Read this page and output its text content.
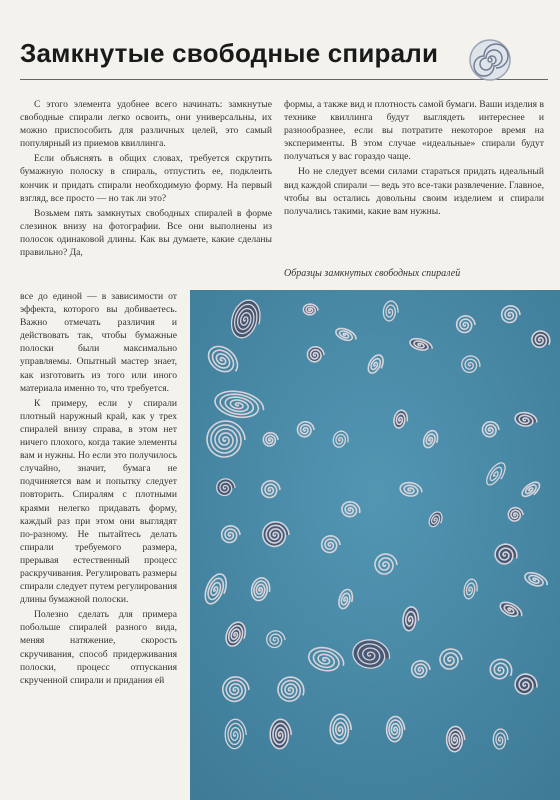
Замкнутые свободные спирали

С этого элемента удобнее всего начинать: замкнутые свободные спирали легко освоить, они универсальны, их можно приспособить для различных целей, это самый популярный из приемов квиллинга.

Если объяснять в общих словах, требуется скрутить бумажную полоску в спираль, отпустить ее, подклеить кончик и придать спирали необходимую форму. На первый взгляд, все просто — но так ли это?

Возьмем пять замкнутых свободных спиралей в форме слезинок внизу на фотографии. Все они выполнены из полосок одинаковой длины. Как вы думаете, какие сделаны правильно? Да,

все до единой — в зависимости от эффекта, которого вы добиваетесь. Важно отмечать различия и действовать так, чтобы бумажные полоски были максимально управляемы. Опытный мастер знает, как изготовить из того или иного материала именно то, что требуется.

К примеру, если у спирали плотный наружный край, как у трех спиралей внизу справа, в этом нет ничего плохого, когда такие элементы вам и нужны. Но если это получилось случайно, значит, бумага не подчиняется вам и попытку следует повторить. Спиралям с плотными краями нелегко придавать форму, каждый раз при этом они выглядят по-разному. Не пытайтесь делать спирали требуемого размера, прерывая естественный процесс раскручивания. Регулировать размеры спирали следует путем регулирования длины бумажной полоски.

Полезно сделать для примера побольше спиралей разного вида, меняя натяжение, скорость скручивания, способ придерживания полоски, процесс отпускания скрученной спирали и придания ей

формы, а также вид и плотность самой бумаги. Ваши изделия в технике квиллинга будут выглядеть интереснее и разнообразнее, если вы потратите некоторое время на эксперименты. В этом случае «идеальные» спирали будут получаться у вас гораздо чаще.

Но не следует всеми силами стараться придать идеальный вид каждой спирали — ведь это все-таки развлечение. Главное, чтобы вы остались довольны своим изделием и спирали получались такими, какие вам нужны.

Образцы замкнутых свободных спиралей
